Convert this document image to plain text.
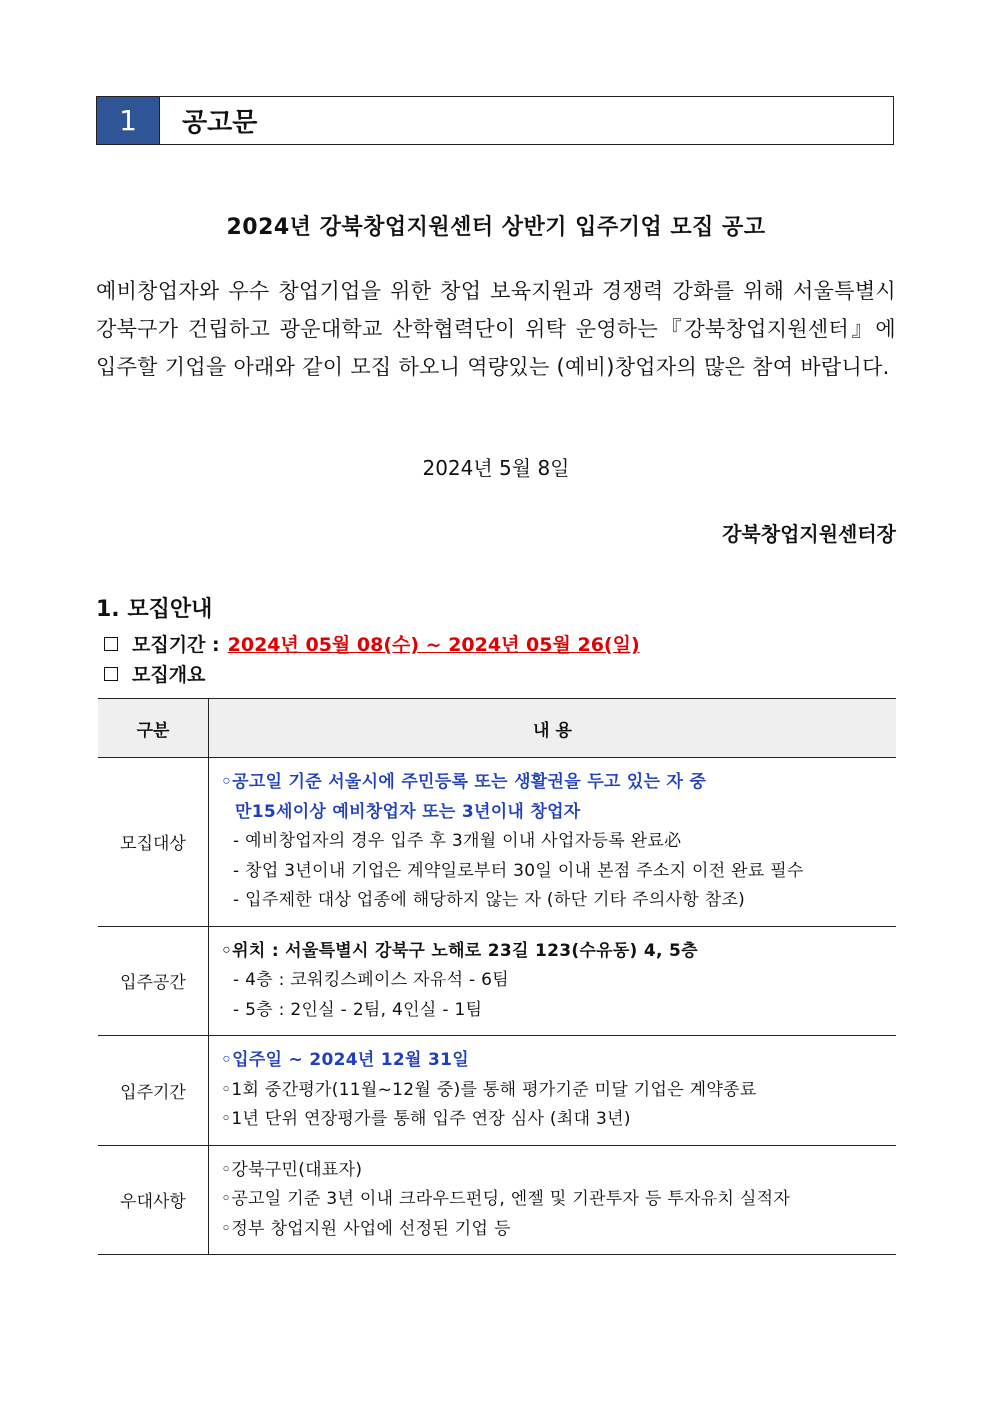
1	공고문
2024년 강북창업지원센터 상반기 입주기업 모집 공고
예비창업자와 우수 창업기업을 위한 창업 보육지원과 경쟁력 강화를 위해 서울특별시 강북구가 건립하고 광운대학교 산학협력단이 위탁 운영하는『강북창업지원센터』에 입주할 기업을 아래와 같이 모집 하오니 역량있는 (예비)창업자의 많은 참여 바랍니다.
2024년 5월 8일
강북창업지원센터장
1. 모집안내
모집기간 : 2024년 05월 08(수) ~ 2024년 05월 26(일)
모집개요
구분	내 용
모집대상	◦공고일 기준 서울시에 주민등록 또는 생활권을 두고 있는 자 중
만15세이상 예비창업자 또는 3년이내 창업자
- 예비창업자의 경우 입주 후 3개월 이내 사업자등록 완료必
- 창업 3년이내 기업은 계약일로부터 30일 이내 본점 주소지 이전 완료 필수
- 입주제한 대상 업종에 해당하지 않는 자 (하단 기타 주의사항 참조)

입주공간	◦위치 : 서울특별시 강북구 노해로 23길 123(수유동) 4, 5층
- 4층 : 코워킹스페이스 자유석 - 6팀
- 5층 : 2인실 - 2팀, 4인실 - 1팀

입주기간	◦입주일 ~ 2024년 12월 31일
◦1회 중간평가(11월~12월 중)를 통해 평가기준 미달 기업은 계약종료
◦1년 단위 연장평가를 통해 입주 연장 심사 (최대 3년)

우대사항	◦강북구민(대표자)
◦공고일 기준 3년 이내 크라우드펀딩, 엔젤 및 기관투자 등 투자유치 실적자
◦정부 창업지원 사업에 선정된 기업 등
